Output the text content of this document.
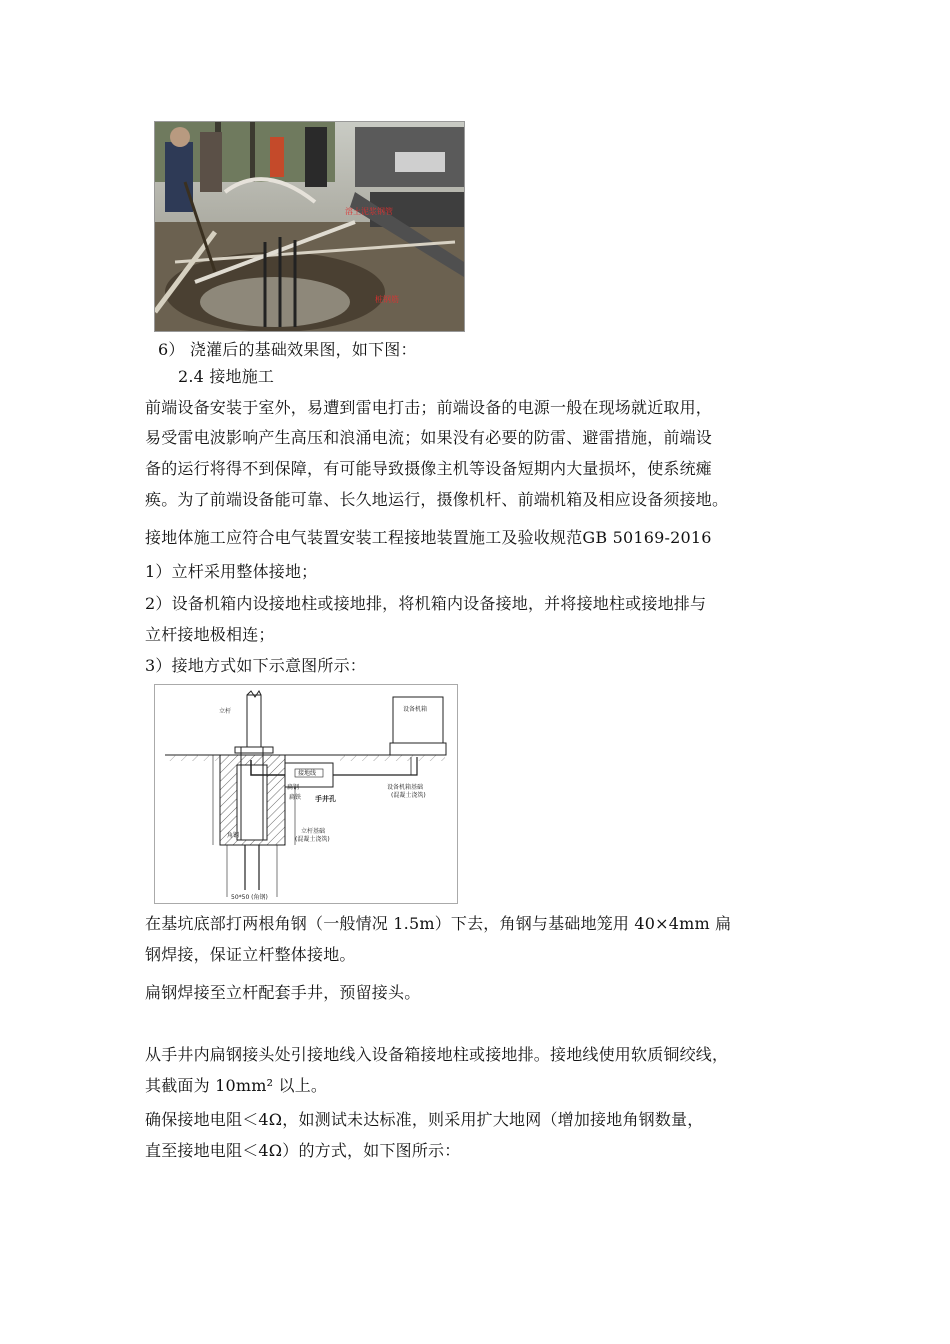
溶土泥浆钢管
桩钢筋
6） 浇灌后的基础效果图，如下图：
2.4 接地施工
前端设备安装于室外，易遭到雷电打击；前端设备的电源一般在现场就近取用，
易受雷电波影响产生高压和浪涌电流；如果没有必要的防雷、避雷措施，前端设
备的运行将得不到保障，有可能导致摄像主机等设备短期内大量损坏，使系统瘫
痪。为了前端设备能可靠、长久地运行，摄像机杆、前端机箱及相应设备须接地。
接地体施工应符合电气装置安装工程接地装置施工及验收规范GB 50169-2016
1）立杆采用整体接地；
2）设备机箱内设接地柱或接地排，将机箱内设备接地，并将接地柱或接地排与
立杆接地极相连；
3）接地方式如下示意图所示：
立杆	设备机箱
接地线
扁钢
手井孔
设备机箱基础
(混凝土浇筑)
立杆基础
(混凝土浇筑)
角钢
扁铁
50*50 (角钢)
在基坑底部打两根角钢（一般情况 1.5m）下去，角钢与基础地笼用 40×4mm 扁
钢焊接，保证立杆整体接地。
扁钢焊接至立杆配套手井，预留接头。
从手井内扁钢接头处引接地线入设备箱接地柱或接地排。接地线使用软质铜绞线，
其截面为 10mm² 以上。
确保接地电阻＜4Ω，如测试未达标准，则采用扩大地网（增加接地角钢数量，
直至接地电阻＜4Ω）的方式，如下图所示：
